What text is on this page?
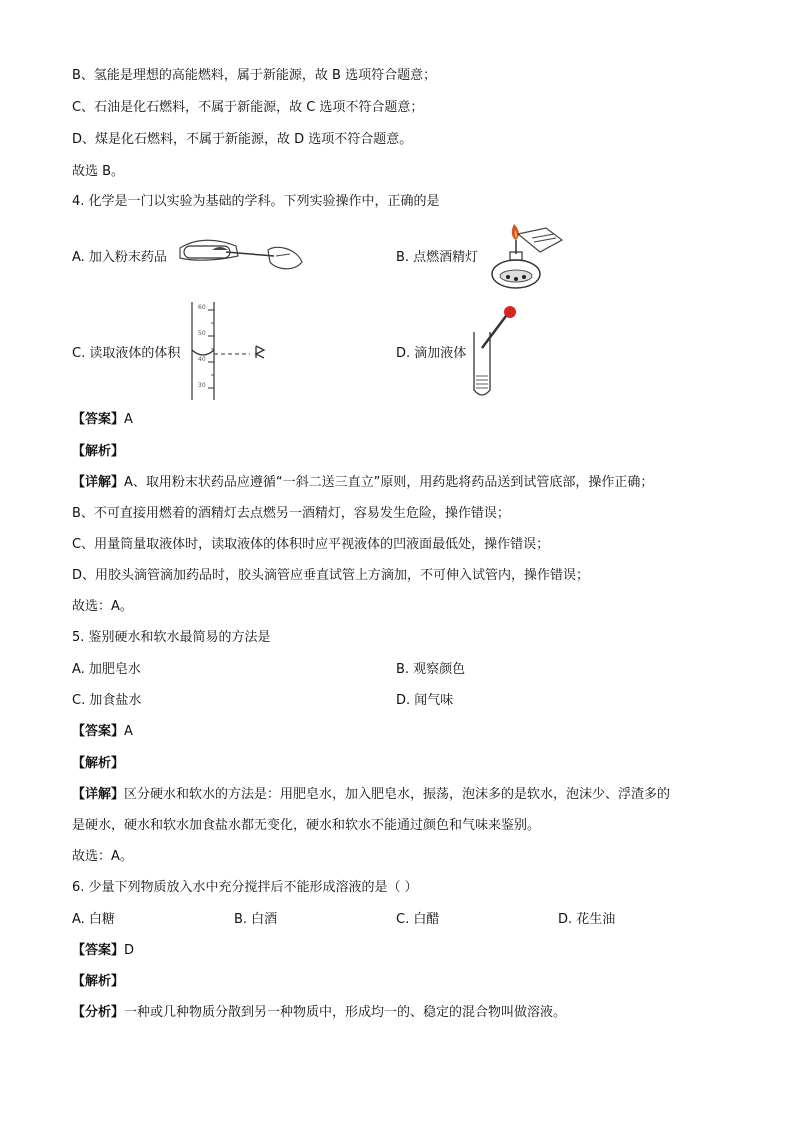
B、氢能是理想的高能燃料，属于新能源，故 B 选项符合题意；
C、石油是化石燃料，不属于新能源，故 C 选项不符合题意；
D、煤是化石燃料，不属于新能源，故 D 选项不符合题意。
故选 B。
4. 化学是一门以实验为基础的学科。下列实验操作中，正确的是
A. 加入粉末药品	B. 点燃酒精灯
C. 读取液体的体积
60
50
40
30
D. 滴加液体
【答案】A
【解析】
【详解】A、取用粉末状药品应遵循“一斜二送三直立”原则，用药匙将药品送到试管底部，操作正确；
B、不可直接用燃着的酒精灯去点燃另一酒精灯，容易发生危险，操作错误；
C、用量筒量取液体时，读取液体的体积时应平视液体的凹液面最低处，操作错误；
D、用胶头滴管滴加药品时，胶头滴管应垂直试管上方滴加，不可伸入试管内，操作错误；
故选：A。
5. 鉴别硬水和软水最简易的方法是
A. 加肥皂水	B. 观察颜色
C. 加食盐水	D. 闻气味
【答案】A
【解析】
【详解】区分硬水和软水的方法是：用肥皂水，加入肥皂水，振荡，泡沫多的是软水，泡沫少、浮渣多的
是硬水，硬水和软水加食盐水都无变化，硬水和软水不能通过颜色和气味来鉴别。
故选：A。
6. 少量下列物质放入水中充分搅拌后不能形成溶液的是（ ）
A. 白糖	B. 白酒	C. 白醋	D. 花生油
【答案】D
【解析】
【分析】一种或几种物质分散到另一种物质中，形成均一的、稳定的混合物叫做溶液。
